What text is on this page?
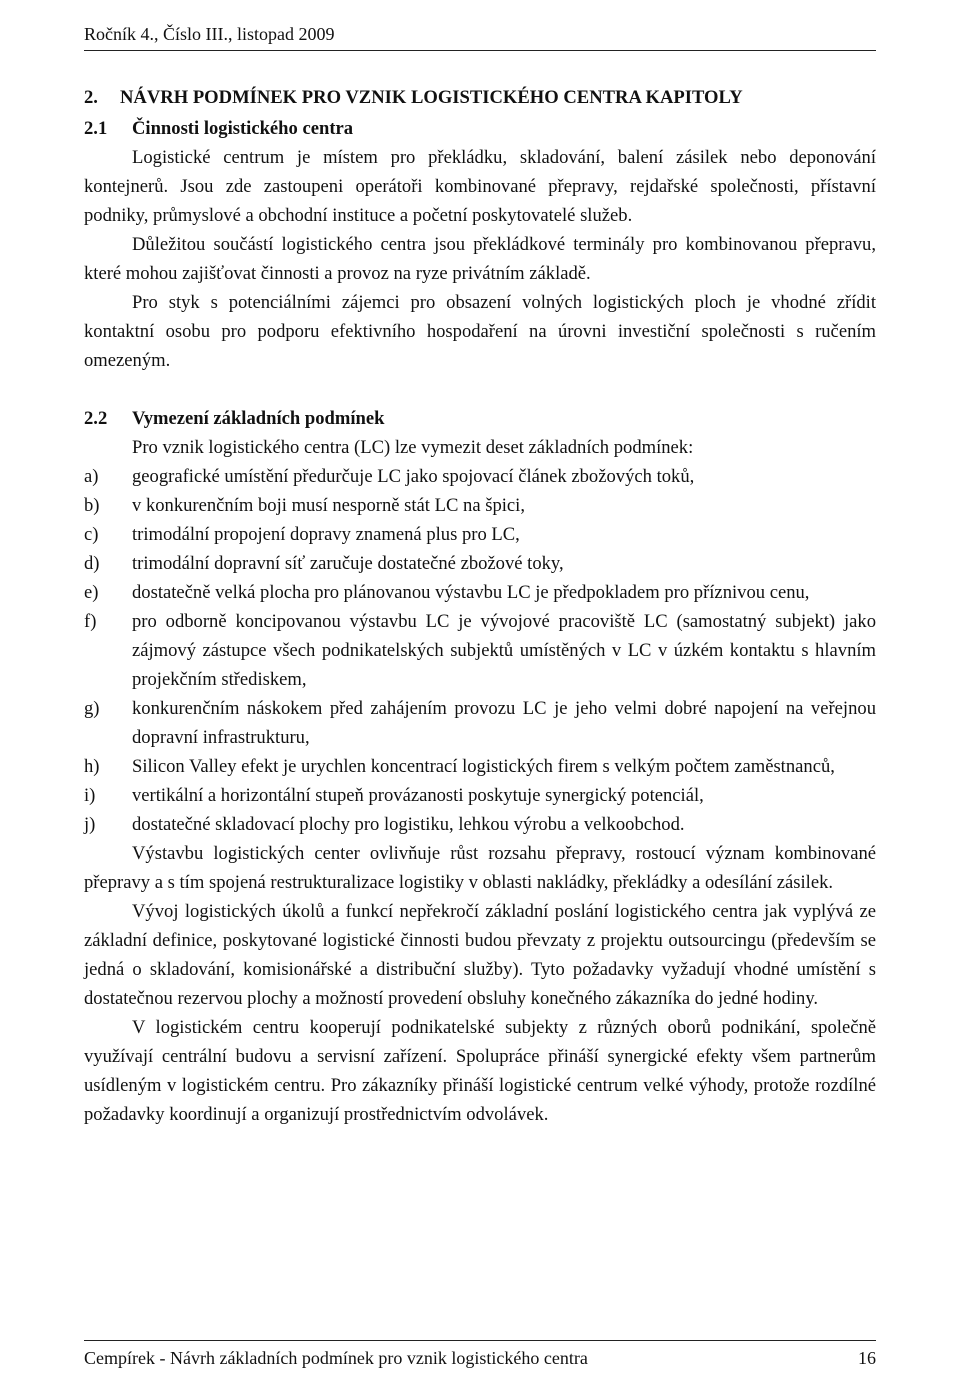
Ročník 4., Číslo III., listopad 2009
2.	NÁVRH PODMÍNEK PRO VZNIK LOGISTICKÉHO CENTRA KAPITOLY
2.1	Činnosti logistického centra

Logistické centrum je místem pro překládku, skladování, balení zásilek nebo deponování kontejnerů. Jsou zde zastoupeni operátoři kombinované přepravy, rejdařské společnosti, přístavní podniky, průmyslové a obchodní instituce a početní poskytovatelé služeb.

Důležitou součástí logistického centra jsou překládkové terminály pro kombinovanou přepravu, které mohou zajišťovat činnosti a provoz na ryze privátním základě.

Pro styk s potenciálními zájemci pro obsazení volných logistických ploch je vhodné zřídit kontaktní osobu pro podporu efektivního hospodaření na úrovni investiční společnosti s ručením omezeným.

2.2	Vymezení základních podmínek

Pro vznik logistického centra (LC) lze vymezit deset základních podmínek:

a)	geografické umístění předurčuje LC jako spojovací článek zbožových toků,
b)	v konkurenčním boji musí nesporně stát LC na špici,
c)	trimodální propojení dopravy znamená plus pro LC,
d)	trimodální dopravní síť zaručuje dostatečné zbožové toky,
e)	dostatečně velká plocha pro plánovanou výstavbu LC je předpokladem pro příznivou cenu,
f)	pro odborně koncipovanou výstavbu LC je vývojové pracoviště LC (samostatný subjekt) jako zájmový zástupce všech podnikatelských subjektů umístěných v LC v úzkém kontaktu s hlavním projekčním střediskem,
g)	konkurenčním náskokem před zahájením provozu LC je jeho velmi dobré napojení na veřejnou dopravní infrastrukturu,
h)	Silicon Valley efekt je urychlen koncentrací logistických firem s velkým počtem zaměstnanců,
i)	vertikální a horizontální stupeň provázanosti poskytuje synergický potenciál,
j)	dostatečné skladovací plochy pro logistiku, lehkou výrobu a velkoobchod.

Výstavbu logistických center ovlivňuje růst rozsahu přepravy, rostoucí význam kombinované přepravy a s tím spojená restrukturalizace logistiky v oblasti nakládky, překládky a odesílání zásilek.

Vývoj logistických úkolů a funkcí nepřekročí základní poslání logistického centra jak vyplývá ze základní definice, poskytované logistické činnosti budou převzaty z projektu outsourcingu (především se jedná o skladování, komisionářské a distribuční služby). Tyto požadavky vyžadují vhodné umístění s dostatečnou rezervou plochy a možností provedení obsluhy konečného zákazníka do jedné hodiny.

V logistickém centru kooperují podnikatelské subjekty z různých oborů podnikání, společně využívají centrální budovu a servisní zařízení. Spolupráce přináší synergické efekty všem partnerům usídleným v logistickém centru. Pro zákazníky přináší logistické centrum velké výhody, protože rozdílné požadavky koordinují a organizují prostřednictvím odvolávek.

Cempírek - Návrh základních podmínek pro vznik logistického centra	16
